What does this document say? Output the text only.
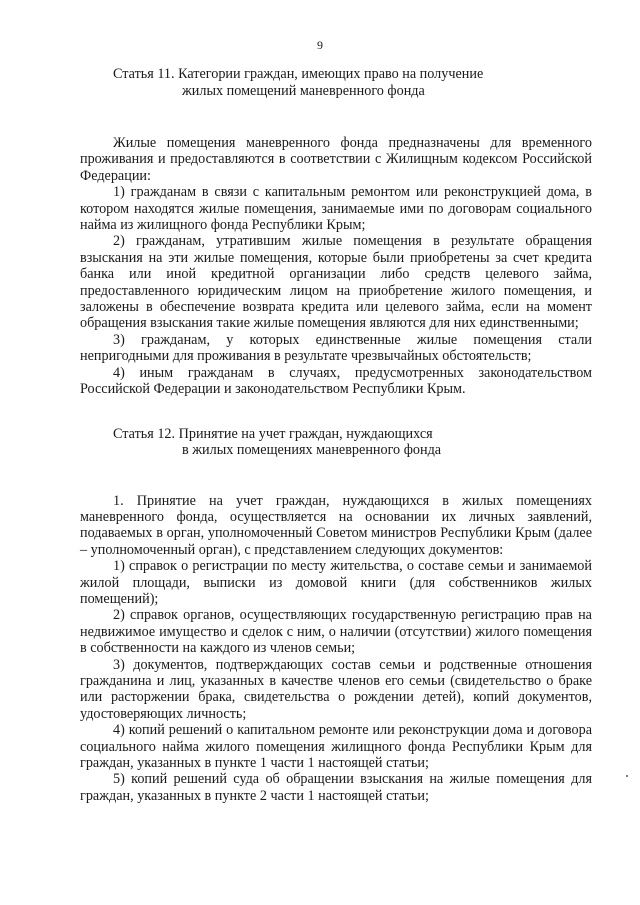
9
Статья 11. Категории граждан, имеющих право на получение
жилых помещений маневренного фонда

Жилые помещения маневренного фонда предназначены для временного проживания и предоставляются в соответствии с Жилищным кодексом Российской Федерации:

1) гражданам в связи с капитальным ремонтом или реконструкцией дома, в котором находятся жилые помещения, занимаемые ими по договорам социального найма из жилищного фонда Республики Крым;

2) гражданам, утратившим жилые помещения в результате обращения взыскания на эти жилые помещения, которые были приобретены за счет кредита банка или иной кредитной организации либо средств целевого займа, предоставленного юридическим лицом на приобретение жилого помещения, и заложены в обеспечение возврата кредита или целевого займа, если на момент обращения взыскания такие жилые помещения являются для них единственными;

3) гражданам, у которых единственные жилые помещения стали непригодными для проживания в результате чрезвычайных обстоятельств;

4) иным гражданам в случаях, предусмотренных законодательством Российской Федерации и законодательством Республики Крым.

Статья 12. Принятие на учет граждан, нуждающихся
в жилых помещениях маневренного фонда

1. Принятие на учет граждан, нуждающихся в жилых помещениях маневренного фонда, осуществляется на основании их личных заявлений, подаваемых в орган, уполномоченный Советом министров Республики Крым (далее – уполномоченный орган), с представлением следующих документов:

1) справок о регистрации по месту жительства, о составе семьи и занимаемой жилой площади, выписки из домовой книги (для собственников жилых помещений);

2) справок органов, осуществляющих государственную регистрацию прав на недвижимое имущество и сделок с ним, о наличии (отсутствии) жилого помещения в собственности на каждого из членов семьи;

3) документов, подтверждающих состав семьи и родственные отношения гражданина и лиц, указанных в качестве членов его семьи (свидетельство о браке или расторжении брака, свидетельства о рождении детей), копий документов, удостоверяющих личность;

4) копий решений о капитальном ремонте или реконструкции дома и договора социального найма жилого помещения жилищного фонда Республики Крым для граждан, указанных в пункте 1 части 1 настоящей статьи;

5) копий решений суда об обращении взыскания на жилые помещения для граждан, указанных в пункте 2 части 1 настоящей статьи;
